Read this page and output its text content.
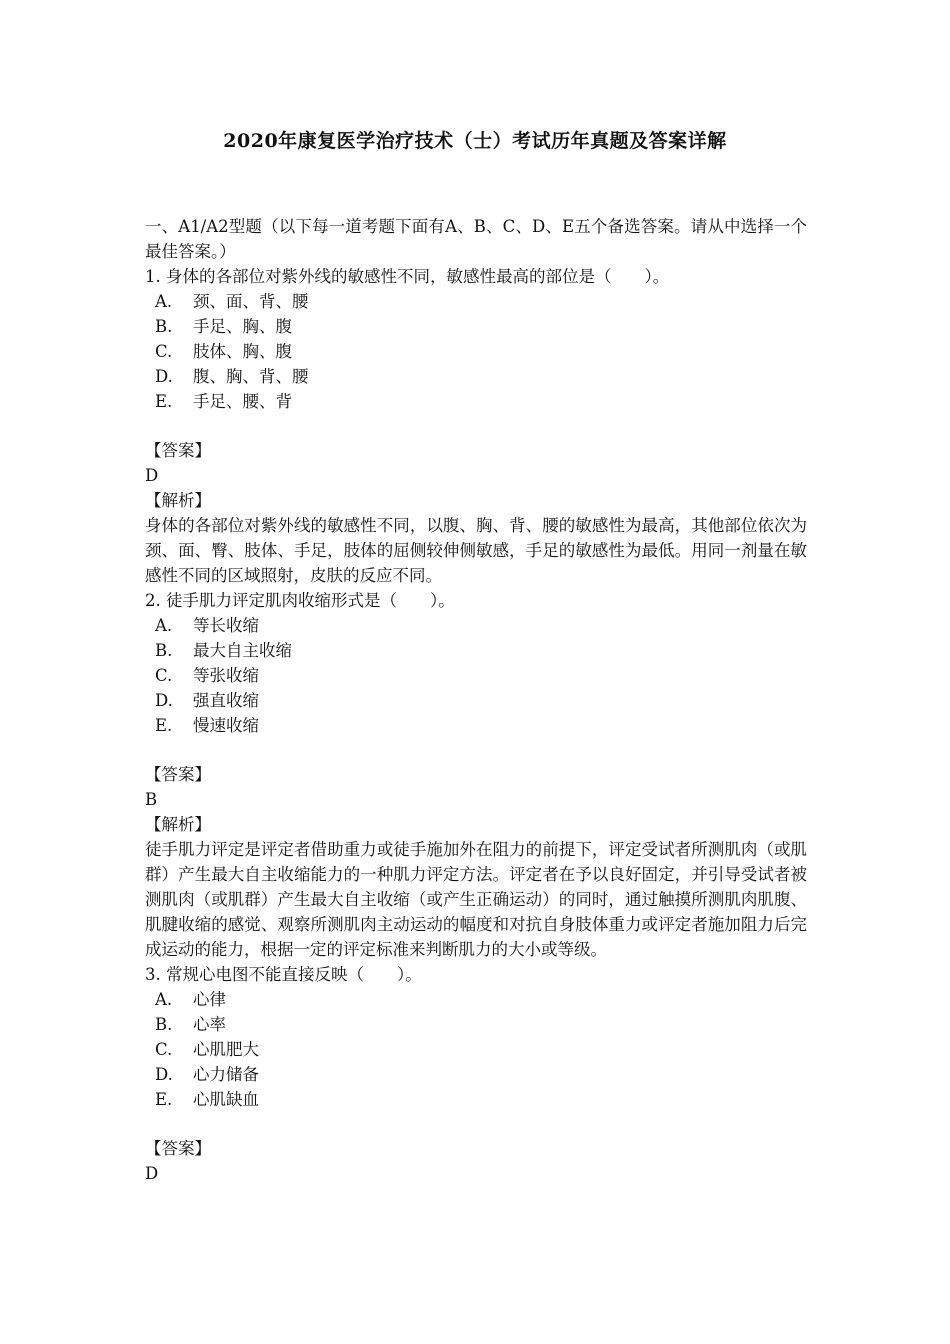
2020年康复医学治疗技术（士）考试历年真题及答案详解

一、A1/A2型题（以下每一道考题下面有A、B、C、D、E五个备选答案。请从中选择一个最佳答案。）

1. 身体的各部位对紫外线的敏感性不同，敏感性最高的部位是（　　）。

A. 颈、面、背、腰

B. 手足、胸、腹

C. 肢体、胸、腹

D. 腹、胸、背、腰

E. 手足、腰、背

【答案】

D

【解析】

身体的各部位对紫外线的敏感性不同，以腹、胸、背、腰的敏感性为最高，其他部位依次为颈、面、臀、肢体、手足，肢体的屈侧较伸侧敏感，手足的敏感性为最低。用同一剂量在敏感性不同的区域照射，皮肤的反应不同。

2. 徒手肌力评定肌肉收缩形式是（　　）。

A. 等长收缩

B. 最大自主收缩

C. 等张收缩

D. 强直收缩

E. 慢速收缩

【答案】

B

【解析】

徒手肌力评定是评定者借助重力或徒手施加外在阻力的前提下，评定受试者所测肌肉（或肌群）产生最大自主收缩能力的一种肌力评定方法。评定者在予以良好固定，并引导受试者被测肌肉（或肌群）产生最大自主收缩（或产生正确运动）的同时，通过触摸所测肌肉肌腹、肌腱收缩的感觉、观察所测肌肉主动运动的幅度和对抗自身肢体重力或评定者施加阻力后完成运动的能力，根据一定的评定标准来判断肌力的大小或等级。

3. 常规心电图不能直接反映（　　）。

A. 心律

B. 心率

C. 心肌肥大

D. 心力储备

E. 心肌缺血

【答案】

D
